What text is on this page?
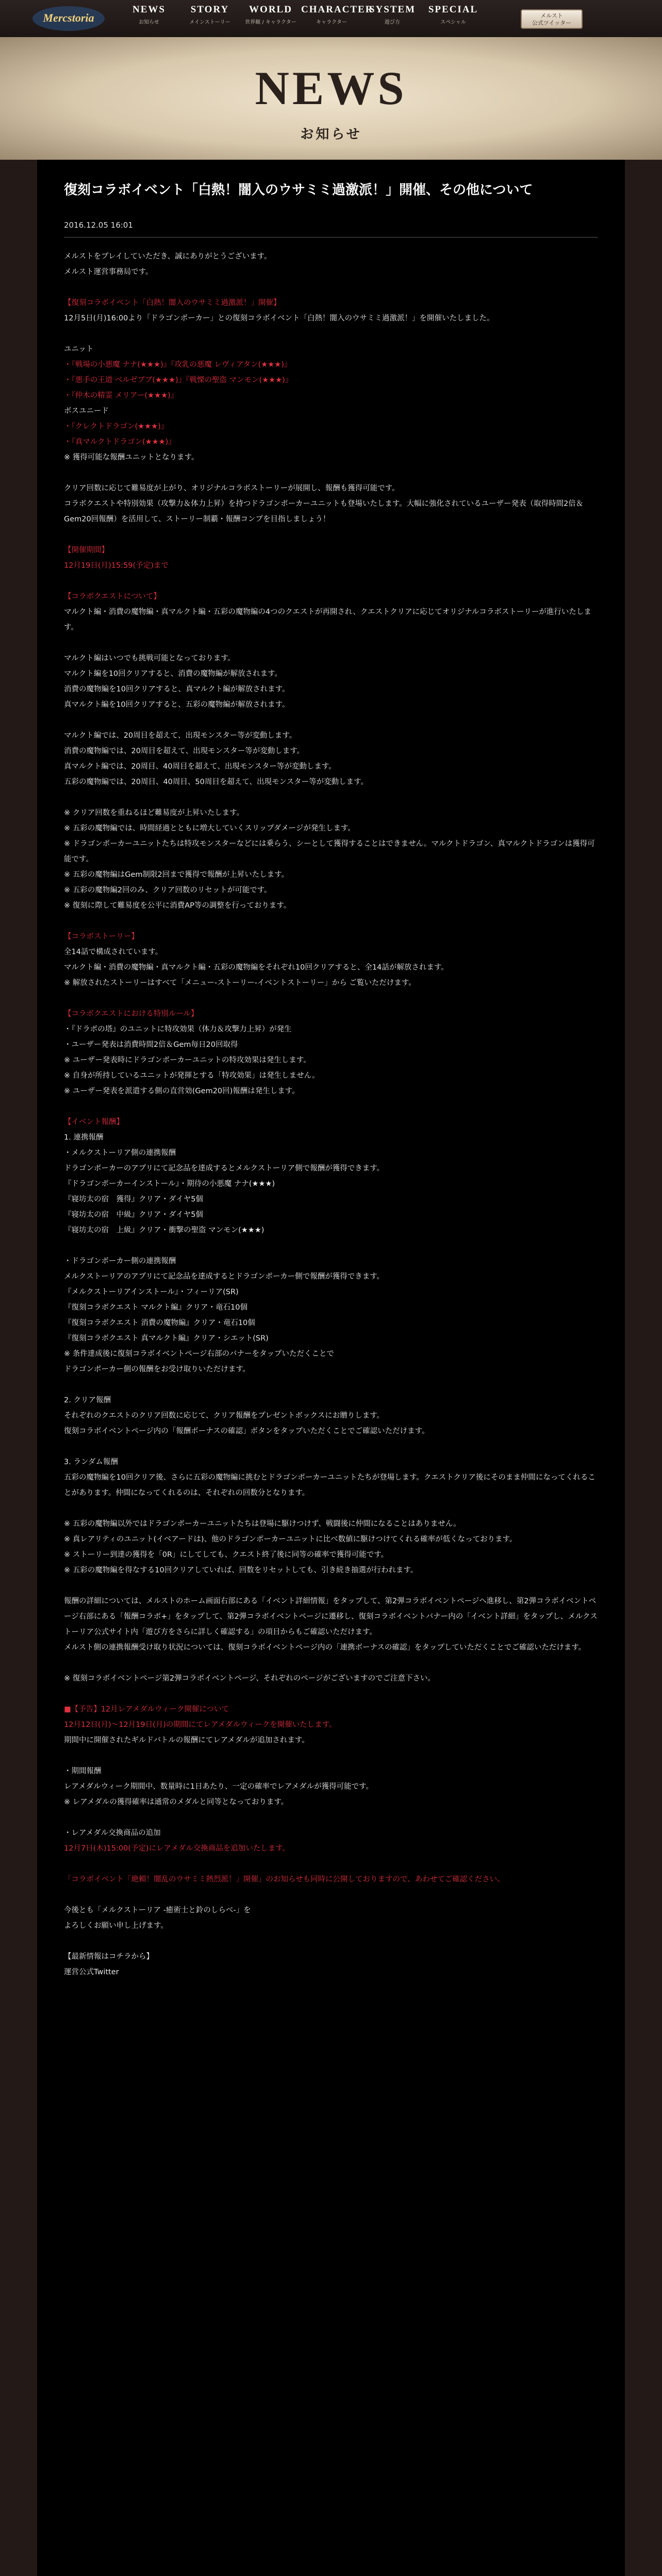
Mercstoria
NEWS
お知らせ
STORY
メインストーリー
WORLD
世界観 / キャラクター
CHARACTER
キャラクター
SYSTEM
遊び方
SPECIAL
スペシャル
メルスト
公式ツイッター
NEWS
お知らせ
復刻コラボイベント「白熱！闇入のウサミミ過激派！」開催、その他について
2016.12.05 16:01
メルストをプレイしていただき、誠にありがとうございます。
メルスト運営事務局です。
【復刻コラボイベント「白熱！闇入のウサミミ過激派！」開催】
12月5日(月)16:00より「ドラゴンポーカー」との復刻コラボイベント「白熱！闇入のウサミミ過激派！」を開催いたしました。
ユニット
・『戦場の小悪魔 ナナ(★★★)』『攻乳の悪魔 レヴィアタン(★★★)』
・『悪手の王道 ベルゼブブ(★★★)』『戦慄の聖盗 マンモン(★★★)』
・『仲木の精霊 メリアー(★★★)』
ボスユニード
・『クレクトドラゴン(★★★)』
・『真マルクトドラゴン(★★★)』
※ 獲得可能な報酬ユニットとなります。
クリア回数に応じて難易度が上がり、オリジナルコラボストーリーが展開し、報酬も獲得可能です。
コラボクエストや特別効果（攻撃力＆体力上昇）を持つドラゴンポーカーユニットも登場いたします。大幅に強化されているユーザー発表（取得時間2倍＆Gem20回報酬）を活用して、ストーリー制覇・報酬コンプを目指しましょう！
【開催期間】
12月19日(月)15:59(予定)まで
【コラボクエストについて】
マルクト編・消費の魔物編・真マルクト編・五彩の魔物編の4つのクエストが再開され、クエストクリアに応じてオリジナルコラボストーリーが進行いたします。
マルクト編はいつでも挑戦可能となっております。
マルクト編を10回クリアすると、消費の魔物編が解放されます。
消費の魔物編を10回クリアすると、真マルクト編が解放されます。
真マルクト編を10回クリアすると、五彩の魔物編が解放されます。
マルクト編では、20周目を超えて、出現モンスター等が変動します。
消費の魔物編では、20周目を超えて、出現モンスター等が変動します。
真マルクト編では、20周目、40周目を超えて、出現モンスター等が変動します。
五彩の魔物編では、20周目、40周目、50周目を超えて、出現モンスター等が変動します。
※ クリア回数を重ねるほど難易度が上昇いたします。
※ 五彩の魔物編では、時間経過とともに増大していくスリップダメージが発生します。
※ ドラゴンポーカーユニットたちは特攻モンスターなどには乗らう、シーとして獲得することはできません。マルクトドラゴン、真マルクトドラゴンは獲得可能です。
※ 五彩の魔物編はGem制限2回まで獲得で報酬が上昇いたします。
※ 五彩の魔物編2回のみ、クリア回数のリセットが可能です。
※ 復刻に際して難易度を公平に消費AP等の調整を行っております。
【コラボストーリー】
全14話で構成されています。
マルクト編・消費の魔物編・真マルクト編・五彩の魔物編をそれぞれ10回クリアすると、全14話が解放されます。
※ 解放されたストーリーはすべて「メニュー-ストーリー-イベントストーリー」から ご覧いただけます。
【コラボクエストにおける特別ルール】
・『ドラポの塔』のユニットに特攻効果（体力＆攻撃力上昇）が発生
・ユーザー発表は消費時間2倍＆Gem毎日20回取得
※ ユーザー発表時にドラゴンポーカーユニットの特攻効果は発生します。
※ 自身が所持しているユニットが発揮とする「特攻効果」は発生しません。
※ ユーザー発表を派遣する側の直営効(Gem20回)報酬は発生します。
【イベント報酬】
1. 連携報酬
・メルクストーリア側の連携報酬
ドラゴンポーカーのアプリにて記念品を達成するとメルクストーリア側で報酬が獲得できます。
『ドラゴンポーカーインストール』・期待の小悪魔 ナナ(★★★)
『寝坊太の宿　獲得』クリア・ダイヤ5個
『寝坊太の宿　中級』クリア・ダイヤ5個
『寝坊太の宿　上級』クリア・衝撃の聖盗 マンモン(★★★)
・ドラゴンポーカー側の連携報酬
メルクストーリアのアプリにて記念品を達成するとドラゴンポーカー側で報酬が獲得できます。
『メルクストーリアインストール』・フィーリア(SR)
『復刻コラボクエスト マルクト編』クリア・竜石10個
『復刻コラボクエスト 消費の魔物編』クリア・竜石10個
『復刻コラボクエスト 真マルクト編』クリア・シエット(SR)
※ 条件達成後に復刻コラボイベントページ右部のバナーをタップいただくことで
ドラゴンポーカー側の報酬をお受け取りいただけます。
2. クリア報酬
それぞれのクエストのクリア回数に応じて、クリア報酬をプレゼントボックスにお贈りします。
復刻コラボイベントページ内の「報酬ボーナスの確認」ボタンをタップいただくことでご確認いただけます。
3. ランダム報酬
五彩の魔物編を10回クリア後、さらに五彩の魔物編に挑むとドラゴンポーカーユニットたちが登場します。クエストクリア後にそのまま仲間になってくれることがあります。仲間になってくれるのは、それぞれの回数分となります。
※ 五彩の魔物編以外ではドラゴンポーカーユニットたちは登場に駆けつけず、戦闘後に仲間になることはありません。
※ 真レアリティのユニット(イベアードは)、他のドラゴンポーカーユニットに比べ数値に駆けつけてくれる確率が低くなっております。
※ ストーリー到達の獲得を「0R」にしてしても、クエスト終了後に同等の確率で獲得可能です。
※ 五彩の魔物編を得なする10回クリアしていれば、回数をリセットしても、引き続き抽選が行われます。
報酬の詳細については、メルストのホーム画面右部にある「イベント詳細情報」をタップして、第2弾コラボイベントページへ進移し、第2弾コラボイベントページ右部にある「報酬コラボ+」をタップして、第2弾コラボイベントページに遷移し、復刻コラボイベントバナー内の「イベント詳細」をタップし、メルクストーリア公式サイト内「遊び方をさらに詳しく確認する」の項目からもご確認いただけます。
メルスト側の連携報酬受け取り状況については、復刻コラボイベントページ内の「連携ボーナスの確認」をタップしていただくことでご確認いただけます。
※ 復刻コラボイベントページ第2弾コラボイベントページ、それぞれのページがございますのでご注意下さい。
■【予告】12月レアメダルウィーク開催について
12月12日(月)〜12月19日(月)の期間にてレアメダルウィークを開催いたします。
期間中に開催されたギルドバトルの報酬にてレアメダルが追加されます。
・期間報酬
レアメダルウィーク期間中、数量時に1日あたり、一定の確率でレアメダルが獲得可能です。
※ レアメダルの獲得確率は通常のメダルと同等となっております。
・レアメダル交換商品の追加
12月7日(木)15:00(予定)にレアメダル交換商品を追加いたします。
「コラボイベント「絶頼！闇乱のウサミミ熱烈派！」開催」のお知らせも同時に公開しておりますので、あわせてご確認ください。
今後とも「メルクストーリア -癒術士と鈴のしらべ-」を
よろしくお願い申し上げます。
【最新情報はコチラから】
運営公式Twitter
